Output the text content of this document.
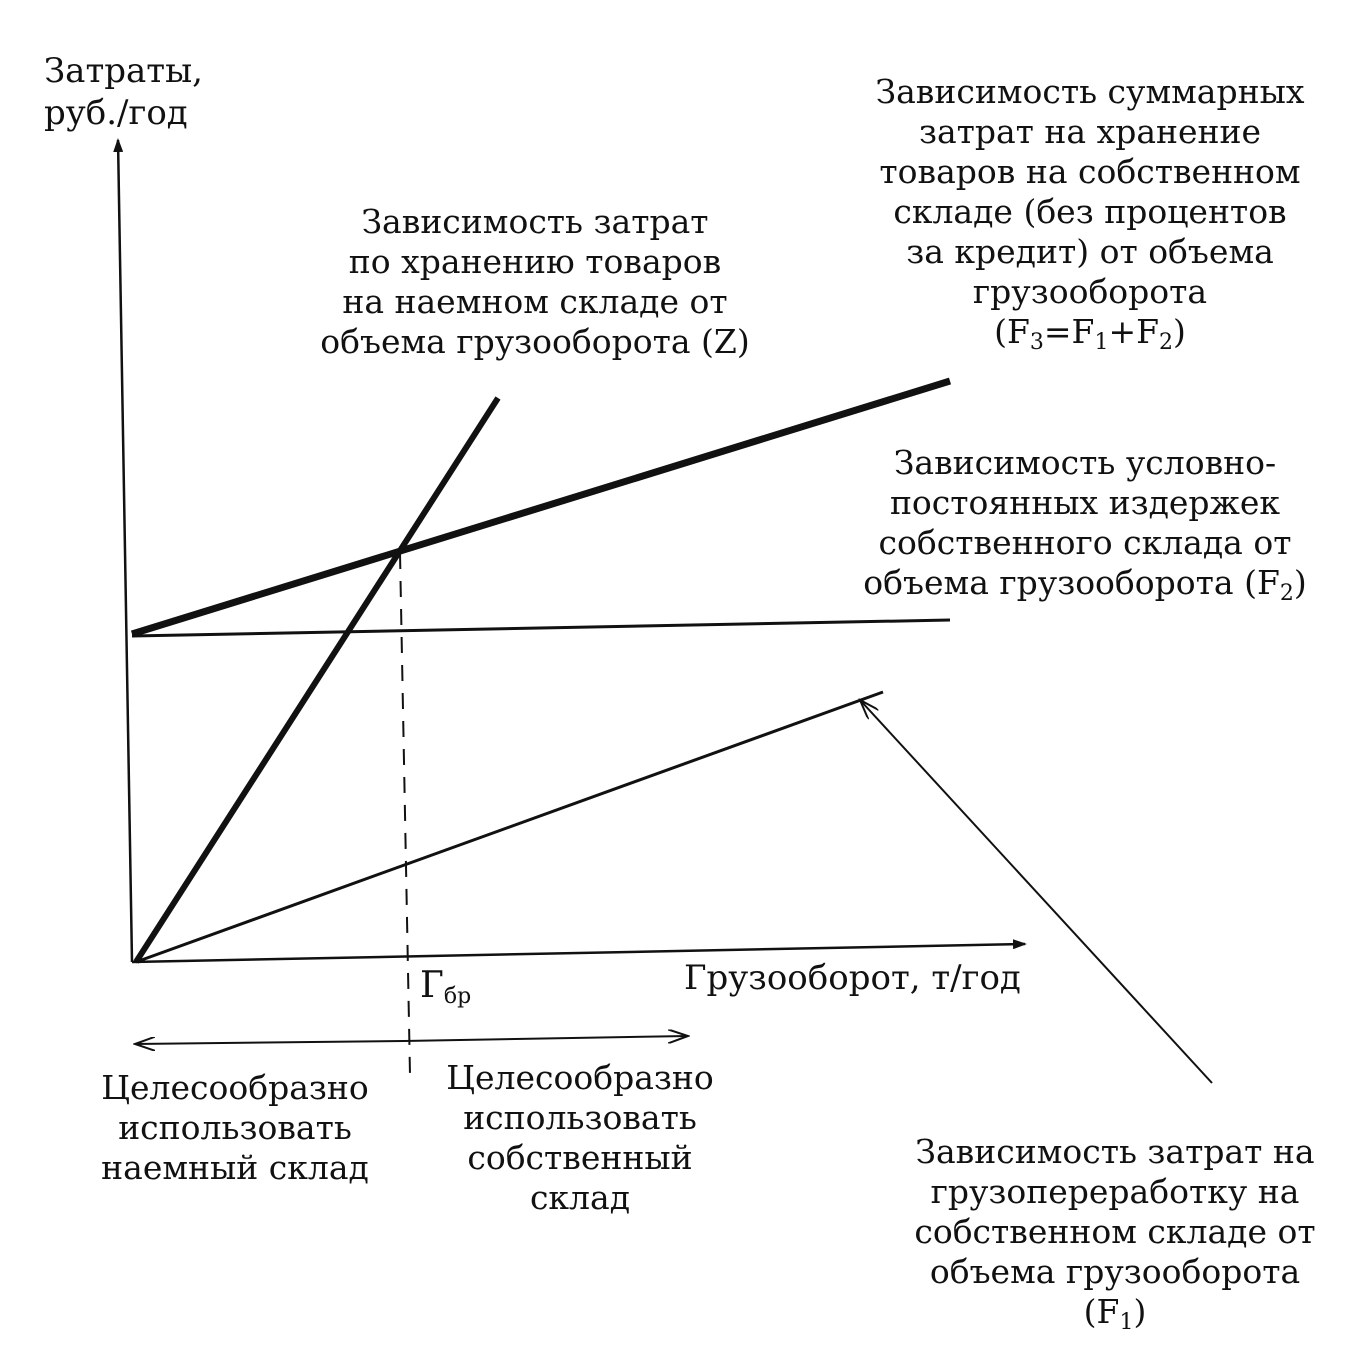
Затраты,
руб./год
Грузооборот, т/год
$Г_{бр}$
Зависимость затрат
по хранению товаров
на наемном складе от
объема грузооборота (Z)
Зависимость суммарных
затрат на хранение
товаров на собственном
складе (без процентов
за кредит) от объема
грузооборота
$(F_3=F_1+F_2)$
Зависимость условно-
постоянных издержек
собственного склада от
объема грузооборота $(F_2)$
Зависимость затрат на
грузопереработку на
собственном складе от
объема грузооборота
$(F_1)$
Целесообразно
использовать
наемный склад
Целесообразно
использовать
собственный
склад
